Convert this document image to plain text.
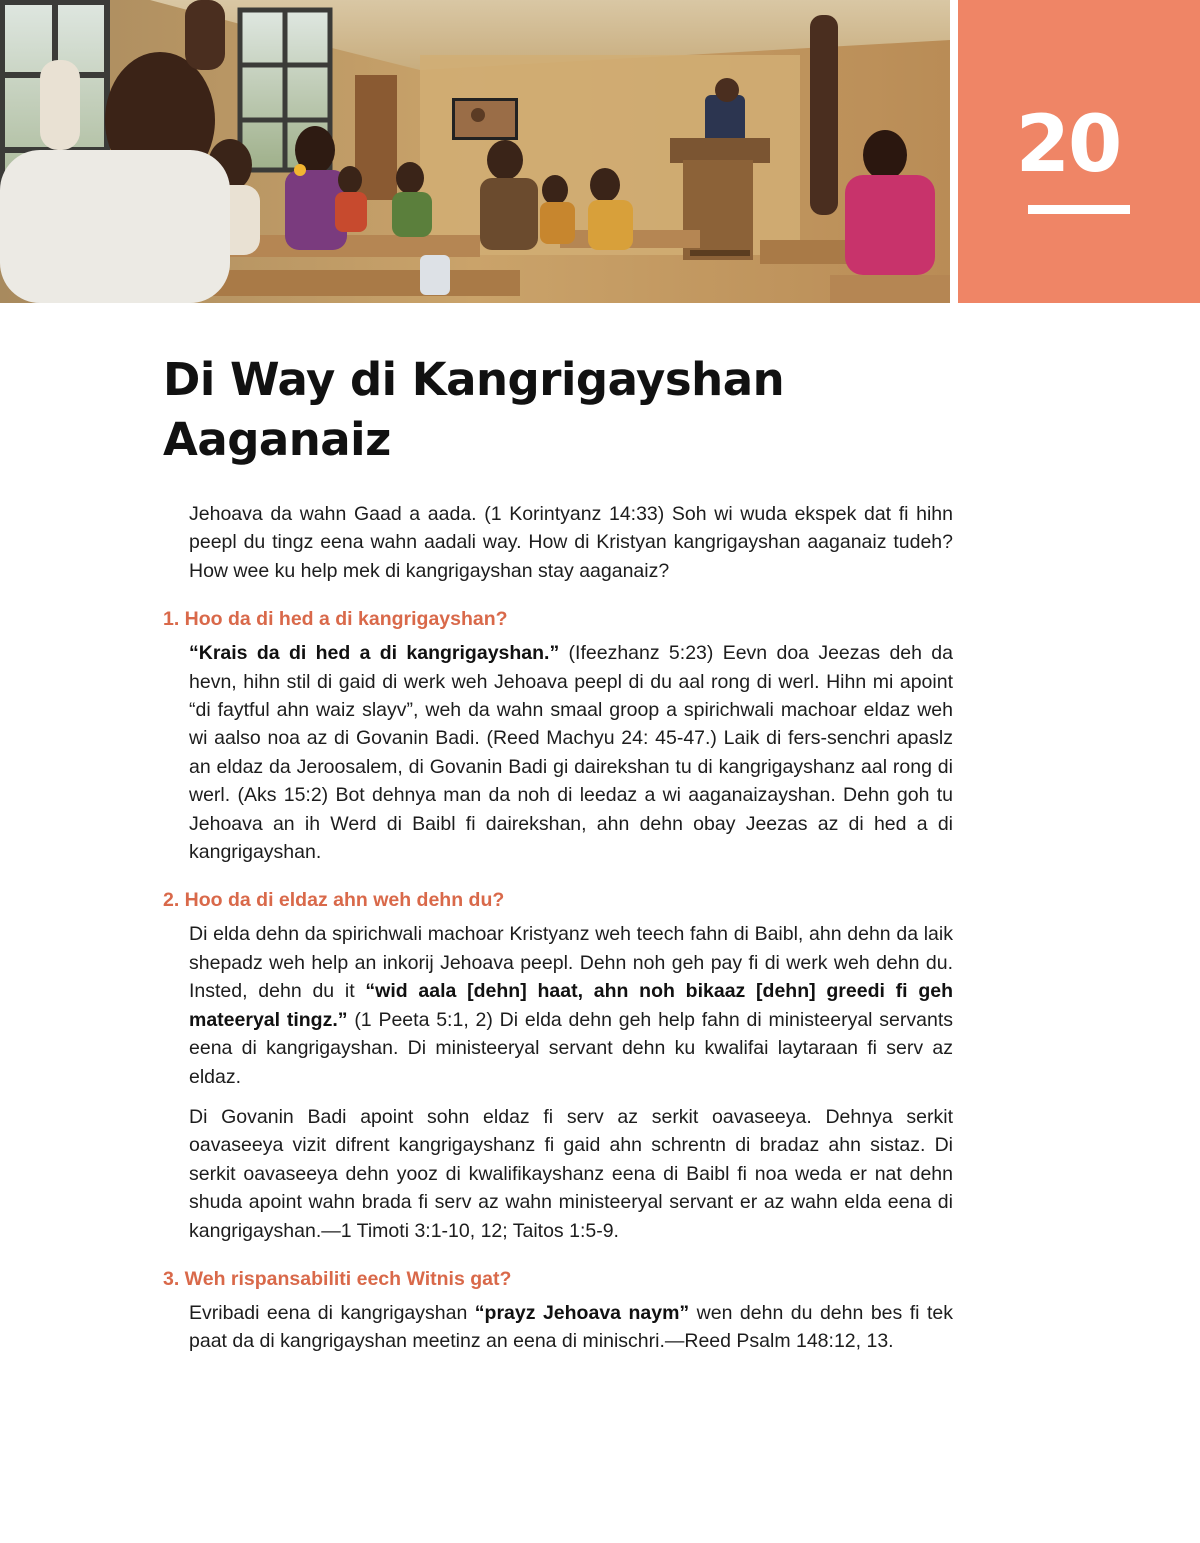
20
Di Way di Kangrigayshan
Aaganaiz

Jehoava da wahn Gaad a aada. (1 Korintyanz 14:33) Soh wi wuda ekspek dat fi hihn peepl du tingz eena wahn aadali way. How di Kristyan kangrigayshan aaganaiz tudeh? How wee ku help mek di kangrigayshan stay aaganaiz?

1. Hoo da di hed a di kangrigayshan?

“Krais da di hed a di kangrigayshan.” (Ifeezhanz 5:23) Eevn doa Jeezas deh da hevn, hihn stil di gaid di werk weh Jehoava peepl di du aal rong di werl. Hihn mi apoint “di faytful ahn waiz slayv”, weh da wahn smaal groop a spirichwali machoar eldaz weh wi aalso noa az di Govanin Badi. (Reed Machyu 24: 45-47.) Laik di fers-senchri apaslz an eldaz da Jeroosalem, di Govanin Badi gi dairekshan tu di kangrigayshanz aal rong di werl. (Aks 15:2) Bot dehnya man da noh di leedaz a wi aaganaizayshan. Dehn goh tu Jehoava an ih Werd di Baibl fi dairekshan, ahn dehn obay Jeezas az di hed a di kangrigayshan.

2. Hoo da di eldaz ahn weh dehn du?

Di elda dehn da spirichwali machoar Kristyanz weh teech fahn di Baibl, ahn dehn da laik shepadz weh help an inkorij Jehoava peepl. Dehn noh geh pay fi di werk weh dehn du. Insted, dehn du it “wid aala [dehn] haat, ahn noh bikaaz [dehn] greedi fi geh mateeryal tingz.” (1 Peeta 5:1, 2) Di elda dehn geh help fahn di ministeeryal servants eena di kangrigayshan. Di ministeeryal servant dehn ku kwalifai laytaraan fi serv az eldaz.

Di Govanin Badi apoint sohn eldaz fi serv az serkit oavaseeya. Dehnya serkit oavaseeya vizit difrent kangrigayshanz fi gaid ahn schrentn di bradaz ahn sistaz. Di serkit oavaseeya dehn yooz di kwalifikayshanz eena di Baibl fi noa weda er nat dehn shuda apoint wahn brada fi serv az wahn ministeeryal servant er az wahn elda eena di kangrigayshan.—1 Timoti 3:1-10, 12; Taitos 1:5-9.

3. Weh rispansabiliti eech Witnis gat?

Evribadi eena di kangrigayshan “prayz Jehoava naym” wen dehn du dehn bes fi tek paat da di kangrigayshan meetinz an eena di minischri.—Reed Psalm 148:12, 13.
